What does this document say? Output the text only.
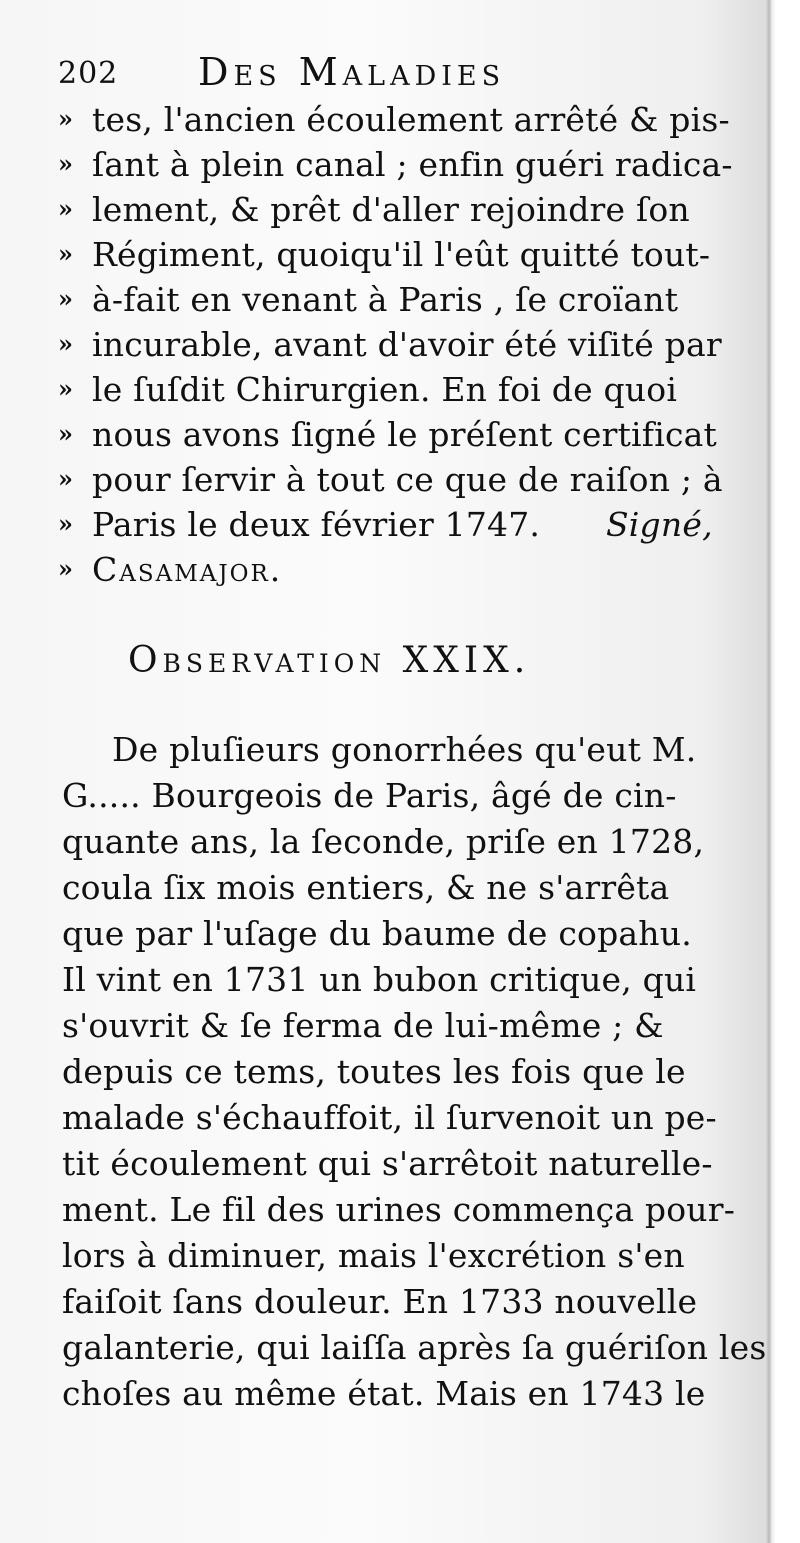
202 Des Maladies
» tes, l'ancien écoulement arrêté & pis-
» ſant à plein canal ; enfin guéri radica-
» lement, & prêt d'aller rejoindre ſon
» Régiment, quoiqu'il l'eût quitté tout-
» à-fait en venant à Paris , ſe croïant
» incurable, avant d'avoir été viſité par
» le ſuſdit Chirurgien. En foi de quoi
» nous avons ſigné le préſent certificat
» pour ſervir à tout ce que de raiſon ; à
» Paris le deux février 1747. Signé,
» Casamajor.
Observation XXIX.
De pluſieurs gonorrhées qu'eut M.
G..... Bourgeois de Paris, âgé de cin-
quante ans, la ſeconde, priſe en 1728,
coula ſix mois entiers, & ne s'arrêta
que par l'uſage du baume de copahu.
Il vint en 1731 un bubon critique, qui
s'ouvrit & ſe ferma de lui-même ; &
depuis ce tems, toutes les fois que le
malade s'échauffoit, il ſurvenoit un pe-
tit écoulement qui s'arrêtoit naturelle-
ment. Le fil des urines commença pour-
lors à diminuer, mais l'excrétion s'en
faiſoit ſans douleur. En 1733 nouvelle
galanterie, qui laiſſa après ſa guériſon les
choſes au même état. Mais en 1743 le
